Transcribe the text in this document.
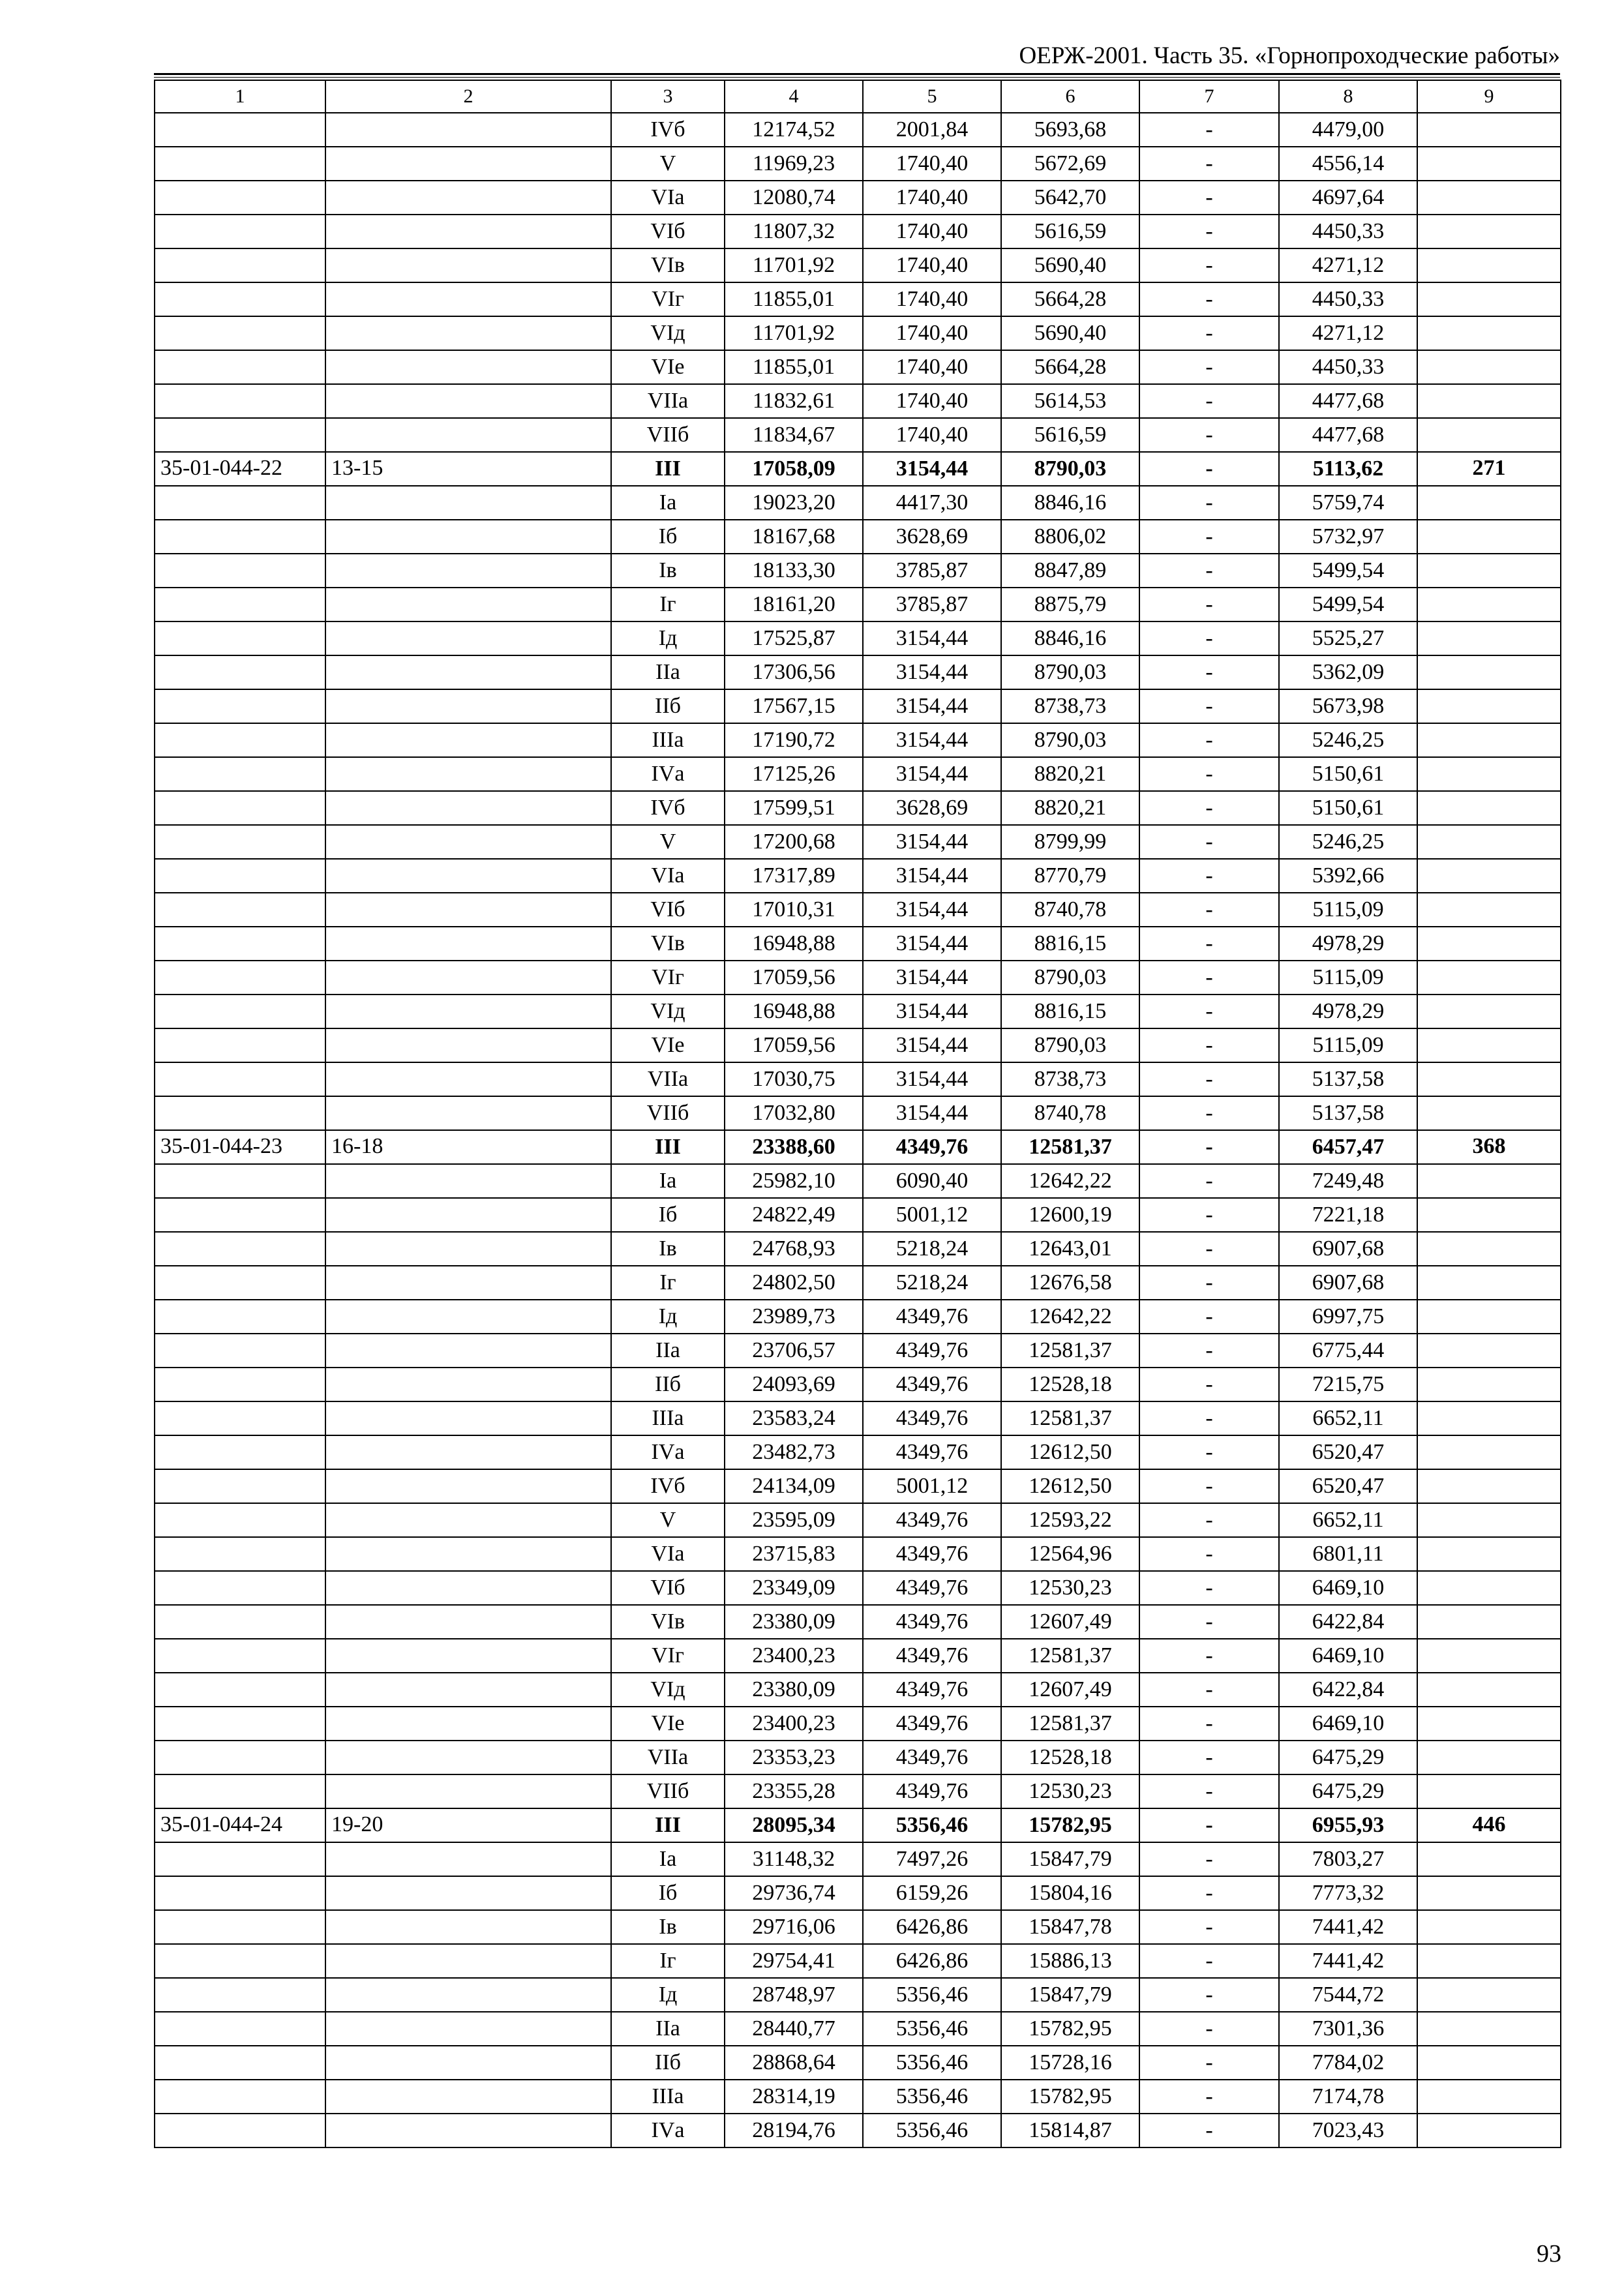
ОЕРЖ-2001. Часть 35. «Горнопроходческие работы»
1	2	3	4	5	6	7	8	9
		IVб	12174,52	2001,84	5693,68	-	4479,00	
		V	11969,23	1740,40	5672,69	-	4556,14	
		VIа	12080,74	1740,40	5642,70	-	4697,64	
		VIб	11807,32	1740,40	5616,59	-	4450,33	
		VIв	11701,92	1740,40	5690,40	-	4271,12	
		VIг	11855,01	1740,40	5664,28	-	4450,33	
		VIд	11701,92	1740,40	5690,40	-	4271,12	
		VIе	11855,01	1740,40	5664,28	-	4450,33	
		VIIа	11832,61	1740,40	5614,53	-	4477,68	
		VIIб	11834,67	1740,40	5616,59	-	4477,68	
35-01-044-22	13-15	III	17058,09	3154,44	8790,03	-	5113,62	271
		Iа	19023,20	4417,30	8846,16	-	5759,74	
		Iб	18167,68	3628,69	8806,02	-	5732,97	
		Iв	18133,30	3785,87	8847,89	-	5499,54	
		Iг	18161,20	3785,87	8875,79	-	5499,54	
		Iд	17525,87	3154,44	8846,16	-	5525,27	
		IIа	17306,56	3154,44	8790,03	-	5362,09	
		IIб	17567,15	3154,44	8738,73	-	5673,98	
		IIIа	17190,72	3154,44	8790,03	-	5246,25	
		IVа	17125,26	3154,44	8820,21	-	5150,61	
		IVб	17599,51	3628,69	8820,21	-	5150,61	
		V	17200,68	3154,44	8799,99	-	5246,25	
		VIа	17317,89	3154,44	8770,79	-	5392,66	
		VIб	17010,31	3154,44	8740,78	-	5115,09	
		VIв	16948,88	3154,44	8816,15	-	4978,29	
		VIг	17059,56	3154,44	8790,03	-	5115,09	
		VIд	16948,88	3154,44	8816,15	-	4978,29	
		VIе	17059,56	3154,44	8790,03	-	5115,09	
		VIIа	17030,75	3154,44	8738,73	-	5137,58	
		VIIб	17032,80	3154,44	8740,78	-	5137,58	
35-01-044-23	16-18	III	23388,60	4349,76	12581,37	-	6457,47	368
		Iа	25982,10	6090,40	12642,22	-	7249,48	
		Iб	24822,49	5001,12	12600,19	-	7221,18	
		Iв	24768,93	5218,24	12643,01	-	6907,68	
		Iг	24802,50	5218,24	12676,58	-	6907,68	
		Iд	23989,73	4349,76	12642,22	-	6997,75	
		IIа	23706,57	4349,76	12581,37	-	6775,44	
		IIб	24093,69	4349,76	12528,18	-	7215,75	
		IIIа	23583,24	4349,76	12581,37	-	6652,11	
		IVа	23482,73	4349,76	12612,50	-	6520,47	
		IVб	24134,09	5001,12	12612,50	-	6520,47	
		V	23595,09	4349,76	12593,22	-	6652,11	
		VIа	23715,83	4349,76	12564,96	-	6801,11	
		VIб	23349,09	4349,76	12530,23	-	6469,10	
		VIв	23380,09	4349,76	12607,49	-	6422,84	
		VIг	23400,23	4349,76	12581,37	-	6469,10	
		VIд	23380,09	4349,76	12607,49	-	6422,84	
		VIе	23400,23	4349,76	12581,37	-	6469,10	
		VIIа	23353,23	4349,76	12528,18	-	6475,29	
		VIIб	23355,28	4349,76	12530,23	-	6475,29	
35-01-044-24	19-20	III	28095,34	5356,46	15782,95	-	6955,93	446
		Iа	31148,32	7497,26	15847,79	-	7803,27	
		Iб	29736,74	6159,26	15804,16	-	7773,32	
		Iв	29716,06	6426,86	15847,78	-	7441,42	
		Iг	29754,41	6426,86	15886,13	-	7441,42	
		Iд	28748,97	5356,46	15847,79	-	7544,72	
		IIа	28440,77	5356,46	15782,95	-	7301,36	
		IIб	28868,64	5356,46	15728,16	-	7784,02	
		IIIа	28314,19	5356,46	15782,95	-	7174,78	
		IVа	28194,76	5356,46	15814,87	-	7023,43	
93
